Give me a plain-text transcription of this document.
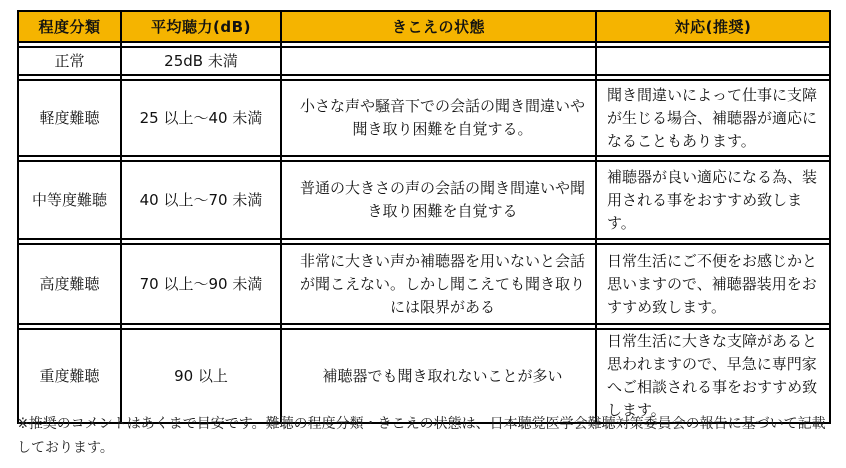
程度分類	平均聴力(dB)	きこえの状態	対応(推奨)

正常	25dB 未満		

軽度難聴	25 以上～40 未満	小さな声や騒音下での会話の聞き間違いや聞き取り困難を自覚する。	聞き間違いによって仕事に支障が生じる場合、補聴器が適応になることもあります。

中等度難聴	40 以上～70 未満	普通の大きさの声の会話の聞き間違いや聞き取り困難を自覚する	補聴器が良い適応になる為、装用される事をおすすめ致します。

高度難聴	70 以上～90 未満	非常に大きい声か補聴器を用いないと会話が聞こえない。しかし聞こえても聞き取りには限界がある	日常生活にご不便をお感じかと思いますので、補聴器装用をおすすめ致します。

重度難聴	90 以上	補聴器でも聞き取れないことが多い	日常生活に大きな支障があると思われますので、早急に専門家へご相談される事をおすすめ致します。
※推奨のコメントはあくまで目安です。難聴の程度分類・きこえの状態は、日本聴覚医学会難聴対策委員会の報告に基づいて記載しております。
